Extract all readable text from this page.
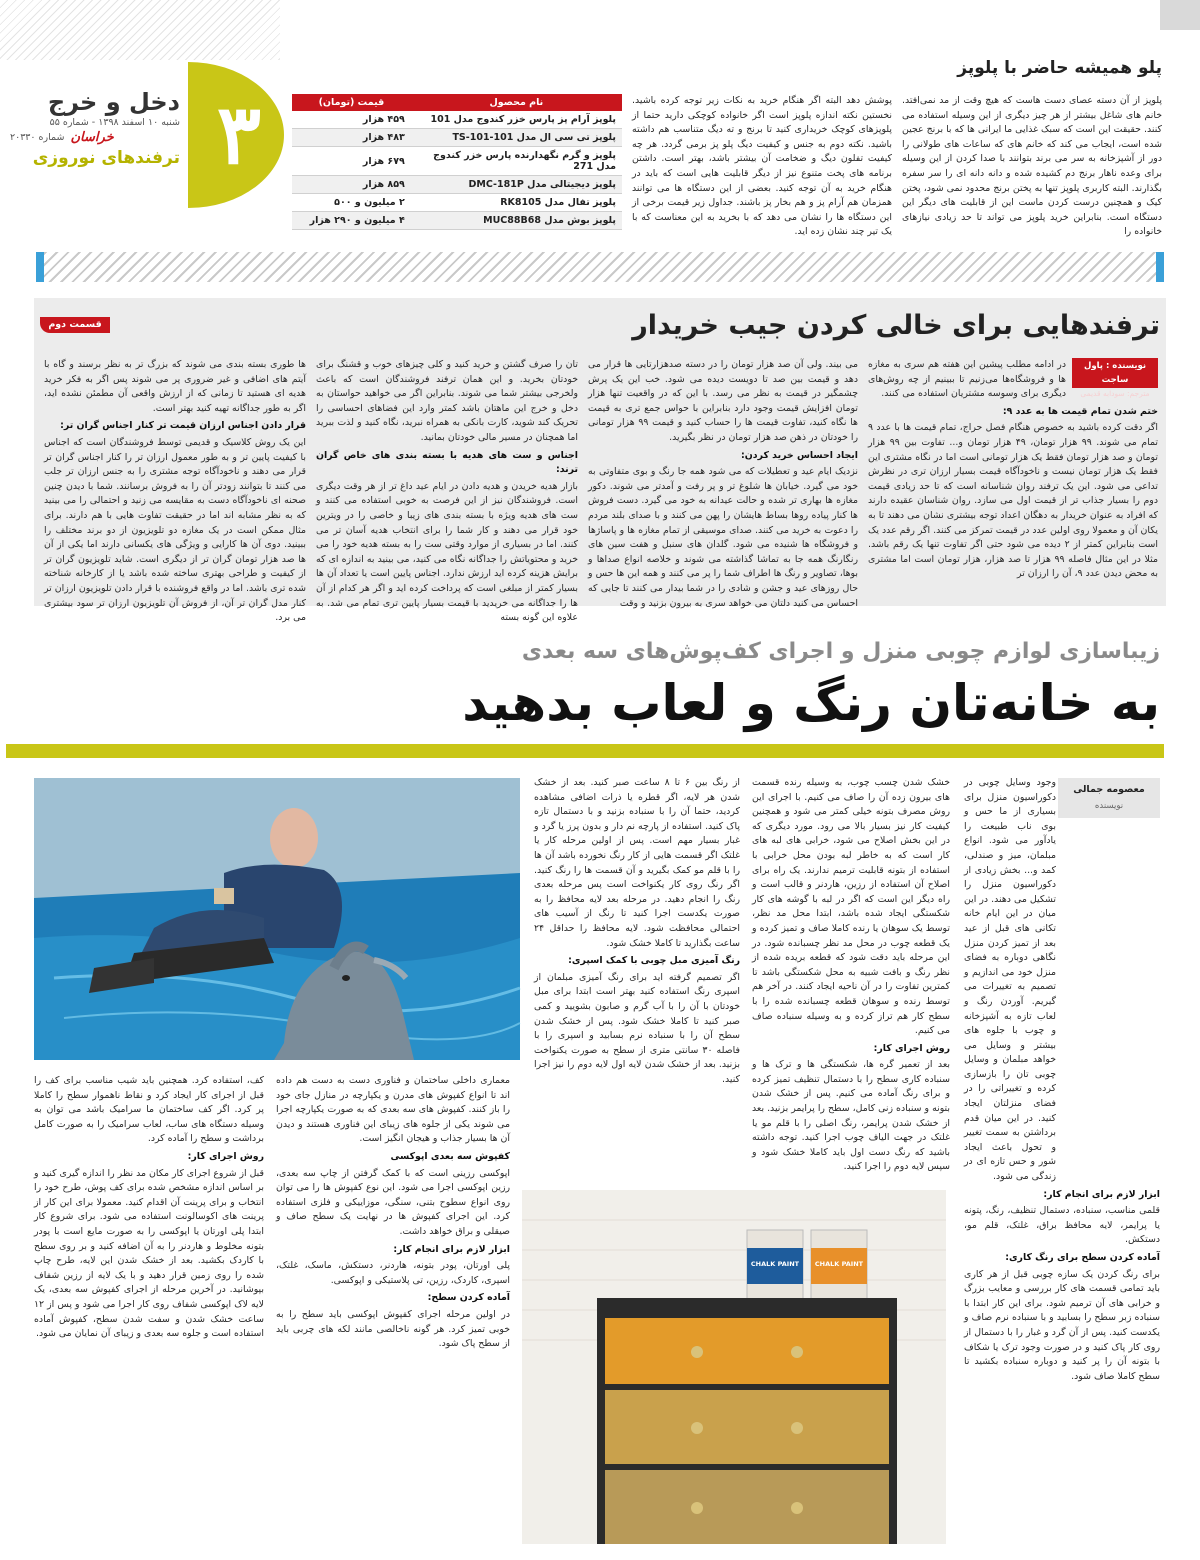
۳
دخل و خرج
شنبه ۱۰ اسفند ۱۳۹۸ - شماره ۵۵
خراسان
شماره ۲۰۳۳۰
ترفندهای نوروزی
نام محصول	قیمت (تومان)
پلوپز آرام پز پارس خزر کندوج مدل 101	۴۵۹ هزار
پلوپز تی سی ال مدل TS-101-101	۴۸۳ هزار
پلوپز و گرم نگهدارنده پارس خزر کندوج مدل 271	۶۷۹ هزار
پلوپز دیجیتالی مدل DMC-181P	۸۵۹ هزار
پلوپز تفال مدل RK8105	۲ میلیون و ۵۰۰
پلوپز بوش مدل MUC88B68	۴ میلیون و ۲۹۰ هزار
پلو همیشه حاضر با پلوپز
پلوپز از آن دسته عصای دست هاست که هیچ وقت از مد نمی‌افتد. خانم های شاغل بیشتر از هر چیز دیگری از این وسیله استفاده می کنند. حقیقت این است که سبک غذایی ما ایرانی ها که با برنج عجین شده است، ایجاب می کند که خانم های که ساعات های طولانی را دور از آشپزخانه به سر می برند بتوانند با صدا کردن از این وسیله برای وعده ناهار برنج دم کشیده شده و دانه دانه ای را سر سفره بگذارند. البته کاربری پلوپز تنها به پختن برنج محدود نمی شود، پختن کیک و همچنین درست کردن ماست این از قابلیت های دیگر این دستگاه است. بنابراین خرید پلوپز می تواند تا حد زیادی نیازهای خانواده را
پوشش دهد البته اگر هنگام خرید به نکات زیر توجه کرده باشید. نخستین نکته اندازه پلوپز است اگر خانواده کوچکی دارید حتما از پلوپزهای کوچک خریداری کنید تا برنج و ته دیگ متناسب هم داشته باشید. نکته دوم به جنس و کیفیت دیگ پلو پز برمی گردد. هر چه کیفیت تفلون دیگ و ضخامت آن بیشتر باشد، بهتر است. داشتن برنامه های پخت متنوع نیز از دیگر قابلیت هایی است که باید در هنگام خرید به آن توجه کنید. بعضی از این دستگاه ها می توانند همزمان هم آرام پز و هم بخار پز باشند. جداول زیر قیمت برخی از این دستگاه ها را نشان می دهد که با بخرید به این معناست که با یک تیر چند نشان زده اید.
قسمت دوم	ترفندهایی برای خالی کردن جیب خریدار
نویسنده : پاول ساجت
مترجم: سودابه قدیمی

در ادامه مطلب پیشین این هفته هم سری به مغازه ها و فروشگاه‌ها می‌زنیم تا ببینیم از چه روش‌های دیگری برای وسوسه مشتریان استفاده می کنند.

ختم شدن تمام قیمت ها به عدد ۹:

اگر دقت کرده باشید به خصوص هنگام فصل حراج، تمام قیمت ها با عدد ۹ تمام می شوند. ۹۹ هزار تومان، ۴۹ هزار تومان و... تفاوت بین ۹۹ هزار تومان و صد هزار تومان فقط یک هزار تومانی است اما در نگاه مشتری این فقط یک هزار تومان نیست و ناخودآگاه قیمت بسیار ارزان تری در نظرش تداعی می شود. این یک ترفند روان شناسانه است که تا حد زیادی قیمت دوم را بسیار جذاب تر از قیمت اول می سازد. روان شناسان عقیده دارند که افراد به عنوان خریدار به دهگان اعداد توجه بیشتری نشان می دهند تا به یکان آن و معمولا روی اولین عدد در قیمت تمرکز می کنند. اگر رقم عدد یک است بنابراین کمتر از ۲ دیده می شود حتی اگر تفاوت تنها یک رقم باشد. مثلا در این مثال فاصله ۹۹ هزار تا صد هزار، هزار تومان است اما مشتری به محض دیدن عدد ۹، آن را ارزان تر

می بیند. ولی آن صد هزار تومان را در دسته صدهزارتایی ها قرار می دهد و قیمت بین صد تا دویست دیده می شود. خب این یک پرش چشمگیر در قیمت به نظر می رسد. با این که در واقعیت تنها هزار تومان افزایش قیمت وجود دارد بنابراین با حواس جمع تری به قیمت ها نگاه کنید، تفاوت قیمت ها را حساب کنید و قیمت ۹۹ هزار تومانی را خودتان در ذهن صد هزار تومان در نظر بگیرید.

ایجاد احساس خرید کردن:

نزدیک ایام عید و تعطیلات که می شود همه جا رنگ و بوی متفاوتی به خود می گیرد. خیابان ها شلوغ تر و پر رفت و آمدتر می شوند. دکور مغازه ها بهاری تر شده و حالت عیدانه به خود می گیرد. دست فروش ها کنار پیاده روها بساط هایشان را پهن می کنند و با صدای بلند مردم را دعوت به خرید می کنند. صدای موسیقی از تمام مغازه ها و پاساژها و فروشگاه ها شنیده می شود. گلدان های سنبل و هفت سین های رنگارنگ همه جا به تماشا گذاشته می شوند و خلاصه انواع صداها و بوها، تصاویر و رنگ ها اطراف شما را پر می کنند و همه این ها حس و حال روزهای عید و جشن و شادی را در شما بیدار می کنند تا جایی که احساس می کنید دلتان می خواهد سری به بیرون بزنید و وقت

تان را صرف گشتن و خرید کنید و کلی چیزهای خوب و قشنگ برای خودتان بخرید. و این همان ترفند فروشندگان است که باعث ولخرجی بیشتر شما می شوند. بنابراین اگر می خواهید حواستان به دخل و خرج این ماهتان باشد کمتر وارد این فضاهای احساسی را تحریک کند شوید، کارت بانکی به همراه نبرید، نگاه کنید و لذت ببرید اما همچنان در مسیر مالی خودتان بمانید.

اجناس و ست های هدیه با بسته بندی های خاص گران ترند:

بازار هدیه خریدن و هدیه دادن در ایام عید داغ تر از هر وقت دیگری است. فروشندگان نیز از این فرصت به خوبی استفاده می کنند و ست های هدیه ویژه با بسته بندی های زیبا و خاصی را در ویترین خود قرار می دهند و کار شما را برای انتخاب هدیه آسان تر می کنند. اما در بسیاری از موارد وقتی ست را به بسته هدیه خود را می خرید و محتویاتش را جداگانه نگاه می کنید، می بینید به اندازه ای که برایش هزینه کرده اید ارزش ندارد. اجناس پایین است یا تعداد آن ها بسیار کمتر از مبلغی است که پرداخت کرده اید و اگر هر کدام از آن ها را جداگانه می خریدید با قیمت بسیار پایین تری تمام می شد. به علاوه این گونه بسته

ها طوری بسته بندی می شوند که بزرگ تر به نظر برسند و گاه با آیتم های اضافی و غیر ضروری پر می شوند پس اگر به فکر خرید هدیه ای هستید تا زمانی که از ارزش واقعی آن مطمئن نشده اید، اگر به طور جداگانه تهیه کنید بهتر است.

قرار دادن اجناس ارزان قیمت تر کنار اجناس گران تر:

این یک روش کلاسیک و قدیمی توسط فروشندگان است که اجناس با کیفیت پایین تر و به طور معمول ارزان تر را کنار اجناس گران تر قرار می دهند و ناخودآگاه توجه مشتری را به جنس ارزان تر جلب می کنند تا بتوانند زودتر آن را به فروش برسانند. شما با دیدن چنین صحنه ای ناخودآگاه دست به مقایسه می زنید و احتمالی را می بینید که به نظر مشابه اند اما در حقیقت تفاوت هایی با هم دارند. برای مثال ممکن است در یک مغازه دو تلویزیون از دو برند مختلف را ببینید. دوی آن ها کارایی و ویژگی های یکسانی دارند اما یکی از آن ها صد هزار تومان گران تر از دیگری است. شاید تلویزیون گران تر از کیفیت و طراحی بهتری ساخته شده باشد یا از کارخانه شناخته شده تری باشد. اما در واقع فروشنده با قرار دادن تلویزیون ارزان تر کنار مدل گران تر آن، از فروش آن تلویزیون ارزان تر سود بیشتری می برد.

زیباسازی لوازم چوبی منزل و اجرای کف‌پوش‌های سه بعدی
به خانه‌تان رنگ و لعاب بدهید
CHALK PAINT CHALK PAINT
معصومه جمالی
نویسنده

وجود وسایل چوبی در دکوراسیون منزل برای بسیاری از ما حس و بوی ناب طبیعت را یادآور می شود. انواع مبلمان، میز و صندلی، کمد و... بخش زیادی از دکوراسیون منزل را تشکیل می دهند. در این میان در این ایام خانه تکانی های قبل از عید بعد از تمیز کردن منزل نگاهی دوباره به فضای منزل خود می اندازیم و تصمیم به تغییرات می گیریم. آوردن رنگ و لعاب تازه به آشپزخانه و چوب با جلوه های بیشتر و وسایل می خواهد مبلمان و وسایل چوبی تان را بازسازی کرده و تغییراتی را در فضای منزلتان ایجاد کنید. در این میان قدم برداشتن به سمت تغییر و تحول باعث ایجاد شور و حس تازه ای در زندگی می شود.

ابزار لازم برای انجام کار:

قلمی مناسب، سنباده، دستمال تنظیف، رنگ، پتونه یا پرایمر، لایه محافظ براق، غلتک، قلم مو، دستکش.

آماده کردن سطح برای رنگ کاری:

برای رنگ کردن یک سازه چوبی قبل از هر کاری باید تمامی قسمت های کار بررسی و معایب بزرگ و خرابی های آن ترمیم شود. برای این کار ابتدا با سنباده زبر سطح را بسابید و با سنباده نرم صاف و یکدست کنید. پس از آن گرد و غبار را با دستمال از روی کار پاک کنید و در صورت وجود ترک یا شکاف با بتونه آن را پر کنید و دوباره سنباده بکشید تا سطح کاملا صاف شود.

خشک شدن چسب چوب، به وسیله رنده قسمت های بیرون زده آن را صاف می کنیم. با اجرای این روش مصرف بتونه خیلی کمتر می شود و همچنین کیفیت کار نیز بسیار بالا می رود. مورد دیگری که در این بخش اصلاح می شود، خرابی های لبه های کار است که به خاطر لبه بودن محل خرابی با استفاده از بتونه قابلیت ترمیم ندارند. یک راه برای اصلاح آن استفاده از رزین، هاردنر و قالب است و راه دیگر این است که اگر در لبه با گوشه های کار شکستگی ایجاد شده باشد، ابتدا محل مد نظر، توسط یک سوهان یا رنده کاملا صاف و تمیز کرده و یک قطعه چوب در محل مد نظر چسبانده شود. در این مرحله باید دقت شود که قطعه بریده شده از نظر رنگ و بافت شبیه به محل شکستگی باشد تا کمترین تفاوت را در آن ناحیه ایجاد کنند. در آخر هم توسط رنده و سوهان قطعه چسبانده شده را با سطح کار هم تراز کرده و به وسیله سنباده صاف می کنیم.

روش اجرای کار:

بعد از تعمیر گره ها، شکستگی ها و ترک ها و سنباده کاری سطح را با دستمال تنظیف تمیز کرده و برای رنگ آماده می کنیم. پس از خشک شدن بتونه و سنباده زنی کامل، سطح را پرایمر بزنید. بعد از خشک شدن پرایمر، رنگ اصلی را با قلم مو یا غلتک در جهت الیاف چوب اجرا کنید. توجه داشته باشید که رنگ دست اول باید کاملا خشک شود و سپس لایه دوم را اجرا کنید.

از رنگ بین ۶ تا ۸ ساعت صبر کنید. بعد از خشک شدن هر لایه، اگر قطره یا ذرات اضافی مشاهده کردید، حتما آن را با سنباده بزنید و با دستمال تازه پاک کنید. استفاده از پارچه نم دار و بدون پرز یا گرد و غبار بسیار مهم است. پس از اولین مرحله کار یا غلتک اگر قسمت هایی از کار رنگ نخورده باشد آن ها را با قلم مو کمک بگیرید و آن قسمت ها را رنگ کنید. اگر رنگ روی کار یکنواخت است پس مرحله بعدی رنگ را انجام دهید. در مرحله بعد لایه محافظ را به صورت یکدست اجرا کنید تا رنگ از آسیب های احتمالی محافظت شود. لایه محافظ را حداقل ۲۴ ساعت بگذارید تا کاملا خشک شود.

رنگ آمیزی مبل چوبی با کمک اسپری:

اگر تصمیم گرفته اید برای رنگ آمیزی مبلمان از اسپری رنگ استفاده کنید بهتر است ابتدا برای مبل خودتان با آن را با آب گرم و صابون بشویید و کمی صبر کنید تا کاملا خشک شود. پس از خشک شدن سطح آن را با سنباده نرم بسابید و اسپری را با فاصله ۳۰ سانتی متری از سطح به صورت یکنواخت بزنید. بعد از خشک شدن لایه اول لایه دوم را نیز اجرا کنید.

معماری داخلی ساختمان و فناوری دست به دست هم داده اند تا انواع کفپوش های مدرن و یکپارچه در منازل جای خود را باز کنند. کفپوش های سه بعدی که به صورت یکپارچه اجرا می شوند یکی از جلوه های زیبای این فناوری هستند و دیدن آن ها بسیار جذاب و هیجان انگیز است.

کفپوش سه بعدی اپوکسی

اپوکسی رزینی است که با کمک گرفتن از چاپ سه بعدی، رزین اپوکسی اجرا می شود. این نوع کفپوش ها را می توان روی انواع سطوح بتنی، سنگی، موزاییکی و فلزی استفاده کرد. این اجرای کفپوش ها در نهایت یک سطح صاف و صیقلی و براق خواهد داشت.

ابزار لازم برای انجام کار:

پلی اورتان، پودر بتونه، هاردنر، دستکش، ماسک، غلتک، اسپری، کاردک، رزین، تی پلاستیکی و اپوکسی.

آماده کردن سطح:

در اولین مرحله اجرای کفپوش اپوکسی باید سطح را به خوبی تمیز کرد. هر گونه ناخالصی مانند لکه های چربی باید از سطح پاک شود.

کف، استفاده کرد. همچنین باید شیب مناسب برای کف را قبل از اجرای کار ایجاد کرد و نقاط ناهموار سطح را کاملا پر کرد. اگر کف ساختمان ما سرامیک باشد می توان به وسیله دستگاه های ساب، لعاب سرامیک را به صورت کامل برداشت و سطح را آماده کرد.

روش اجرای کار:

قبل از شروع اجرای کار مکان مد نظر را اندازه گیری کنید و بر اساس اندازه مشخص شده برای کف پوش، طرح خود را انتخاب و برای پرینت آن اقدام کنید. معمولا برای این کار از پرینت های اکوسالونت استفاده می شود. برای شروع کار ابتدا پلی اورتان یا اپوکسی را به صورت مایع است با پودر بتونه مخلوط و هاردنر را به آن اضافه کنید و بر روی سطح با کاردک بکشید. بعد از خشک شدن این لایه، طرح چاپ شده را روی زمین قرار دهید و با یک لایه از رزین شفاف بپوشانید. در آخرین مرحله از اجرای کفپوش سه بعدی، یک لایه لاک اپوکسی شفاف روی کار اجرا می شود و پس از ۱۲ ساعت خشک شدن و سفت شدن سطح، کفپوش آماده استفاده است و جلوه سه بعدی و زیبای آن نمایان می شود.
